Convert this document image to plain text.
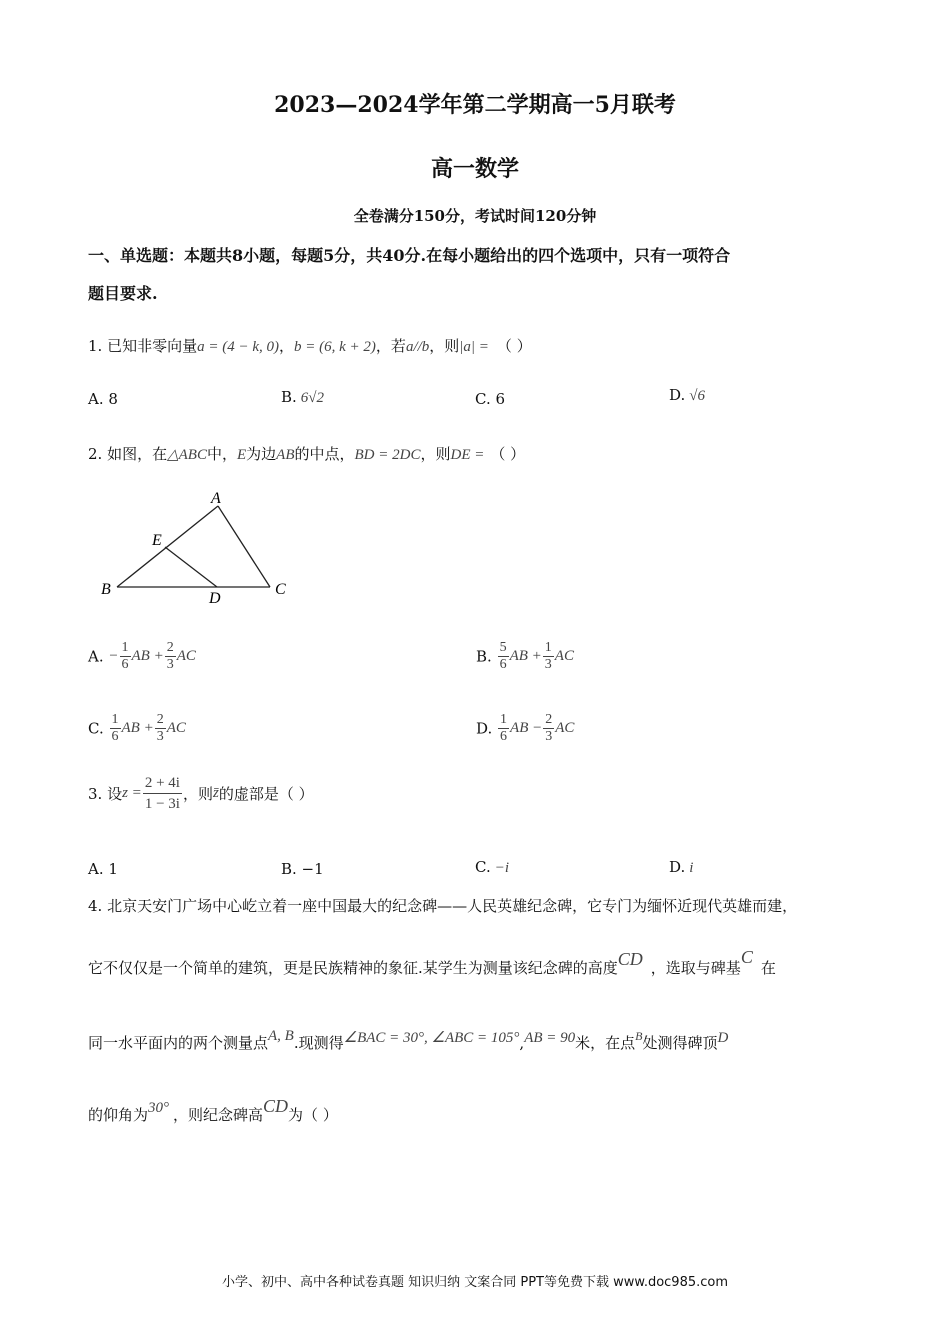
2023—2024学年第二学期高一5月联考
高一数学
全卷满分150分，考试时间120分钟
一、单选题：本题共8小题，每题5分，共40分.在每小题给出的四个选项中，只有一项符合
题目要求.
1. 已知非零向量a = (4 − k, 0)，b = (6, k + 2)，若a//b，则|a| = （ ）
A. 8	B. 6√2	C. 6	D. √6
2. 如图，在△ABC中，E为边AB的中点，BD = 2DC，则DE = （ ）
A
E
B
D
C
A. − $\frac{1}{6}$ AB + $\frac{2}{3}$ AC	B. $\frac{5}{6}$ AB + $\frac{1}{3}$ AC
C. $\frac{1}{6}$ AB + $\frac{2}{3}$ AC	D. $\frac{1}{6}$ AB − $\frac{2}{3}$ AC
3. 设$z = \frac{2 + 4i}{1 - 3i}$ ，则z̄的虚部是（ ）
A. 1	B. −1	C. −i	D. i
4. 北京天安门广场中心屹立着一座中国最大的纪念碑——人民英雄纪念碑，它专门为缅怀近现代英雄而建，
它不仅仅是一个简单的建筑，更是民族精神的象征.某学生为测量该纪念碑的高度CD ，选取与碑基C在
同一水平面内的两个测量点A, B.现测得∠BAC = 30°, ∠ABC = 105°,AB = 90米，在点$^B$处测得碑顶D
的仰角为30° ，则纪念碑高CD为（ ）
小学、初中、高中各种试卷真题 知识归纳 文案合同 PPT等免费下载 www.doc985.com
